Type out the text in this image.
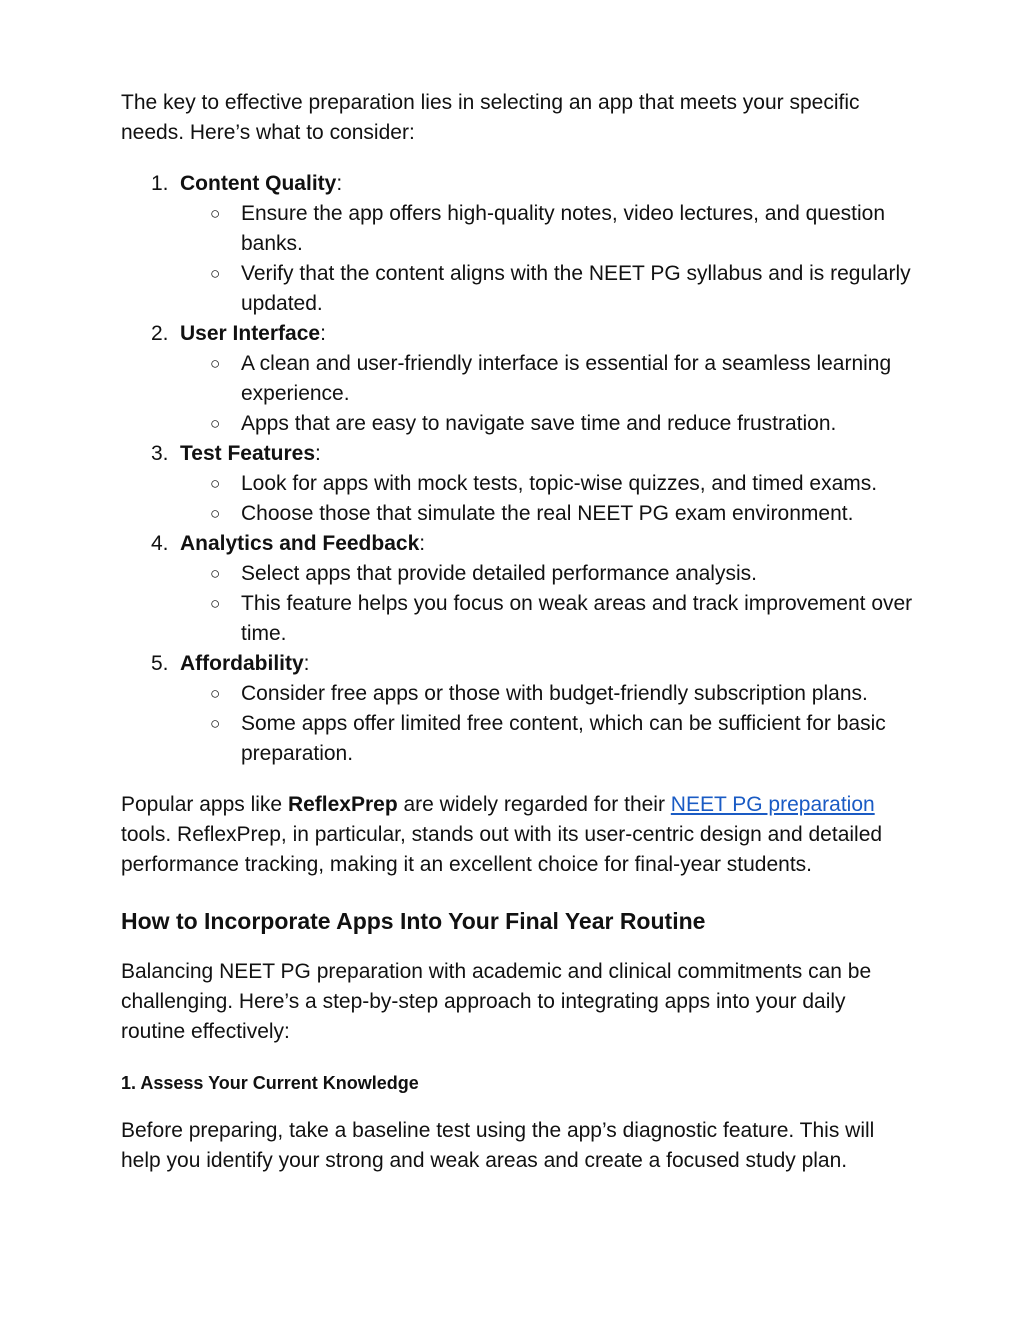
The key to effective preparation lies in selecting an app that meets your specific needs. Here’s what to consider:

1. Content Quality:
○ Ensure the app offers high-quality notes, video lectures, and question banks.
○ Verify that the content aligns with the NEET PG syllabus and is regularly updated.
2. User Interface:
○ A clean and user-friendly interface is essential for a seamless learning experience.
○ Apps that are easy to navigate save time and reduce frustration.
3. Test Features:
○ Look for apps with mock tests, topic-wise quizzes, and timed exams.
○ Choose those that simulate the real NEET PG exam environment.
4. Analytics and Feedback:
○ Select apps that provide detailed performance analysis.
○ This feature helps you focus on weak areas and track improvement over time.
5. Affordability:
○ Consider free apps or those with budget-friendly subscription plans.
○ Some apps offer limited free content, which can be sufficient for basic preparation.

Popular apps like ReflexPrep are widely regarded for their NEET PG preparation tools. ReflexPrep, in particular, stands out with its user-centric design and detailed performance tracking, making it an excellent choice for final-year students.

How to Incorporate Apps Into Your Final Year Routine

Balancing NEET PG preparation with academic and clinical commitments can be challenging. Here’s a step-by-step approach to integrating apps into your daily routine effectively:

1. Assess Your Current Knowledge

Before preparing, take a baseline test using the app’s diagnostic feature. This will help you identify your strong and weak areas and create a focused study plan.
